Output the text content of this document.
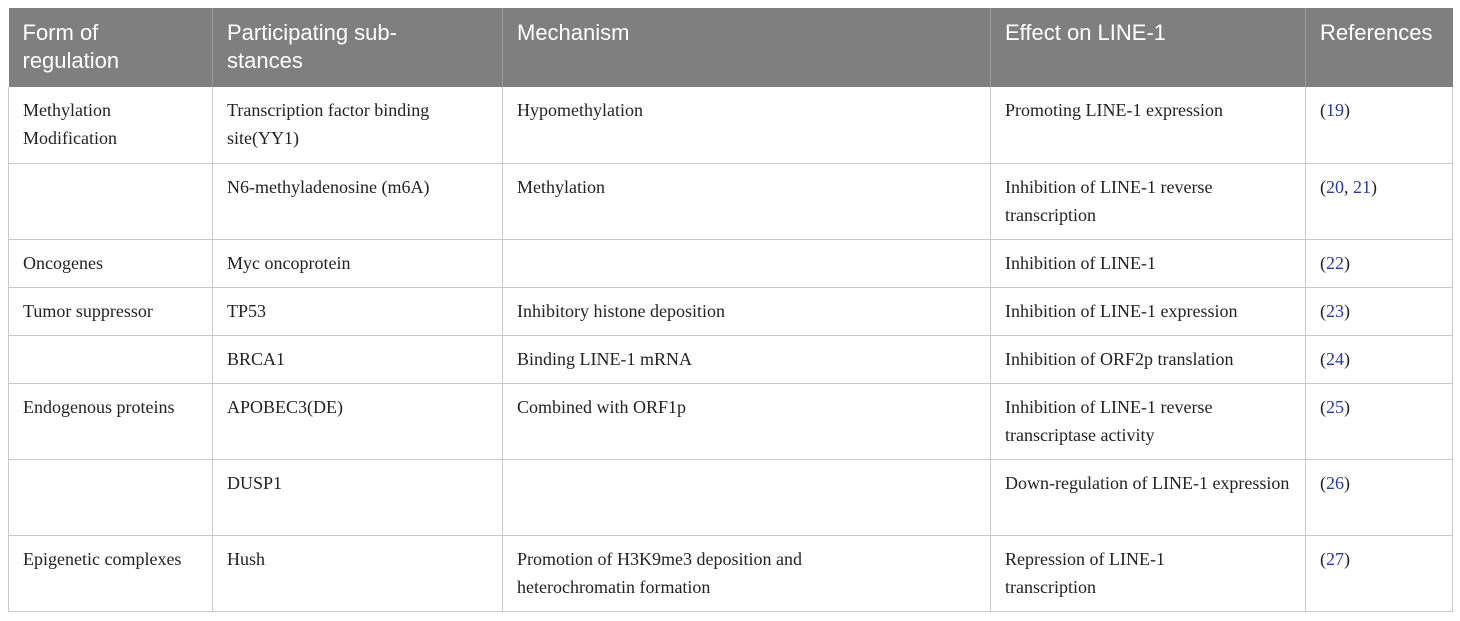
Form of regulation	Participating sub-stances	Mechanism	Effect on LINE-1	References
Methylation Modification	Transcription factor binding site(YY1)	Hypomethylation	Promoting LINE-1 expression	(19)
	N6-methyladenosine (m6A)	Methylation	Inhibition of LINE-1 reverse transcription	(20, 21)
Oncogenes	Myc oncoprotein		Inhibition of LINE-1	(22)
Tumor suppressor	TP53	Inhibitory histone deposition	Inhibition of LINE-1 expression	(23)
	BRCA1	Binding LINE-1 mRNA	Inhibition of ORF2p translation	(24)
Endogenous proteins	APOBEC3(DE)	Combined with ORF1p	Inhibition of LINE-1 reverse transcriptase activity	(25)
	DUSP1		Down-regulation of LINE-1 expression	(26)
Epigenetic complexes	Hush	Promotion of H3K9me3 deposition and heterochromatin formation	Repression of LINE-1 transcription	(27)
